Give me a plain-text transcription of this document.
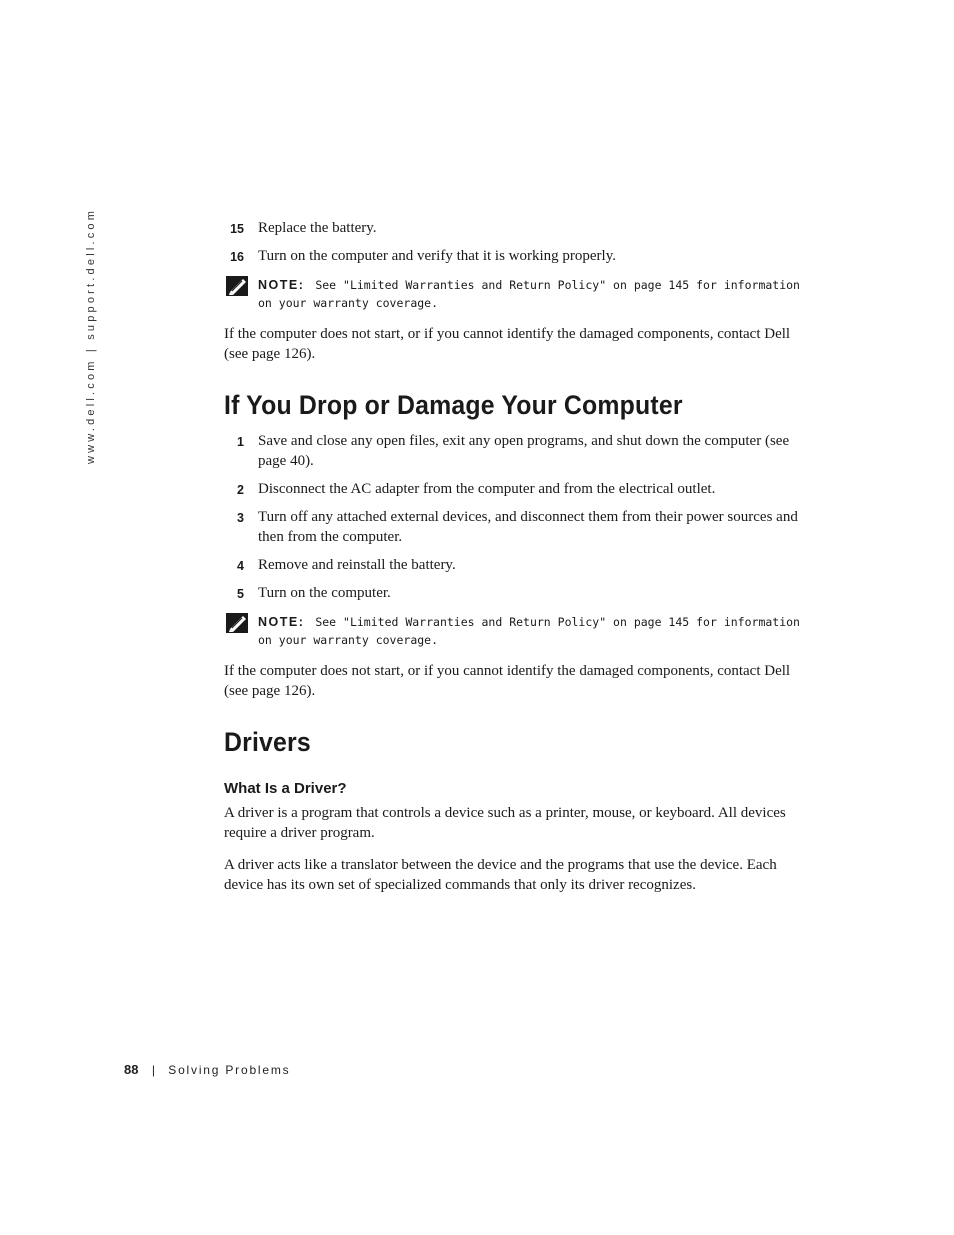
www.dell.com | support.dell.com	15 Replace the battery.
16 Turn on the computer and verify that it is working properly.
NOTE: See "Limited Warranties and Return Policy" on page 145 for information on your warranty coverage.

If the computer does not start, or if you cannot identify the damaged components, contact Dell (see page 126).

If You Drop or Damage Your Computer
1 Save and close any open files, exit any open programs, and shut down the computer (see page 40).
2 Disconnect the AC adapter from the computer and from the electrical outlet.
3 Turn off any attached external devices, and disconnect them from their power sources and then from the computer.
4 Remove and reinstall the battery.
5 Turn on the computer.
NOTE: See "Limited Warranties and Return Policy" on page 145 for information on your warranty coverage.

If the computer does not start, or if you cannot identify the damaged components, contact Dell (see page 126).

Drivers
What Is a Driver?

A driver is a program that controls a device such as a printer, mouse, or keyboard. All devices require a driver program.

A driver acts like a translator between the device and the programs that use the device. Each device has its own set of specialized commands that only its driver recognizes.

88 | Solving Problems
